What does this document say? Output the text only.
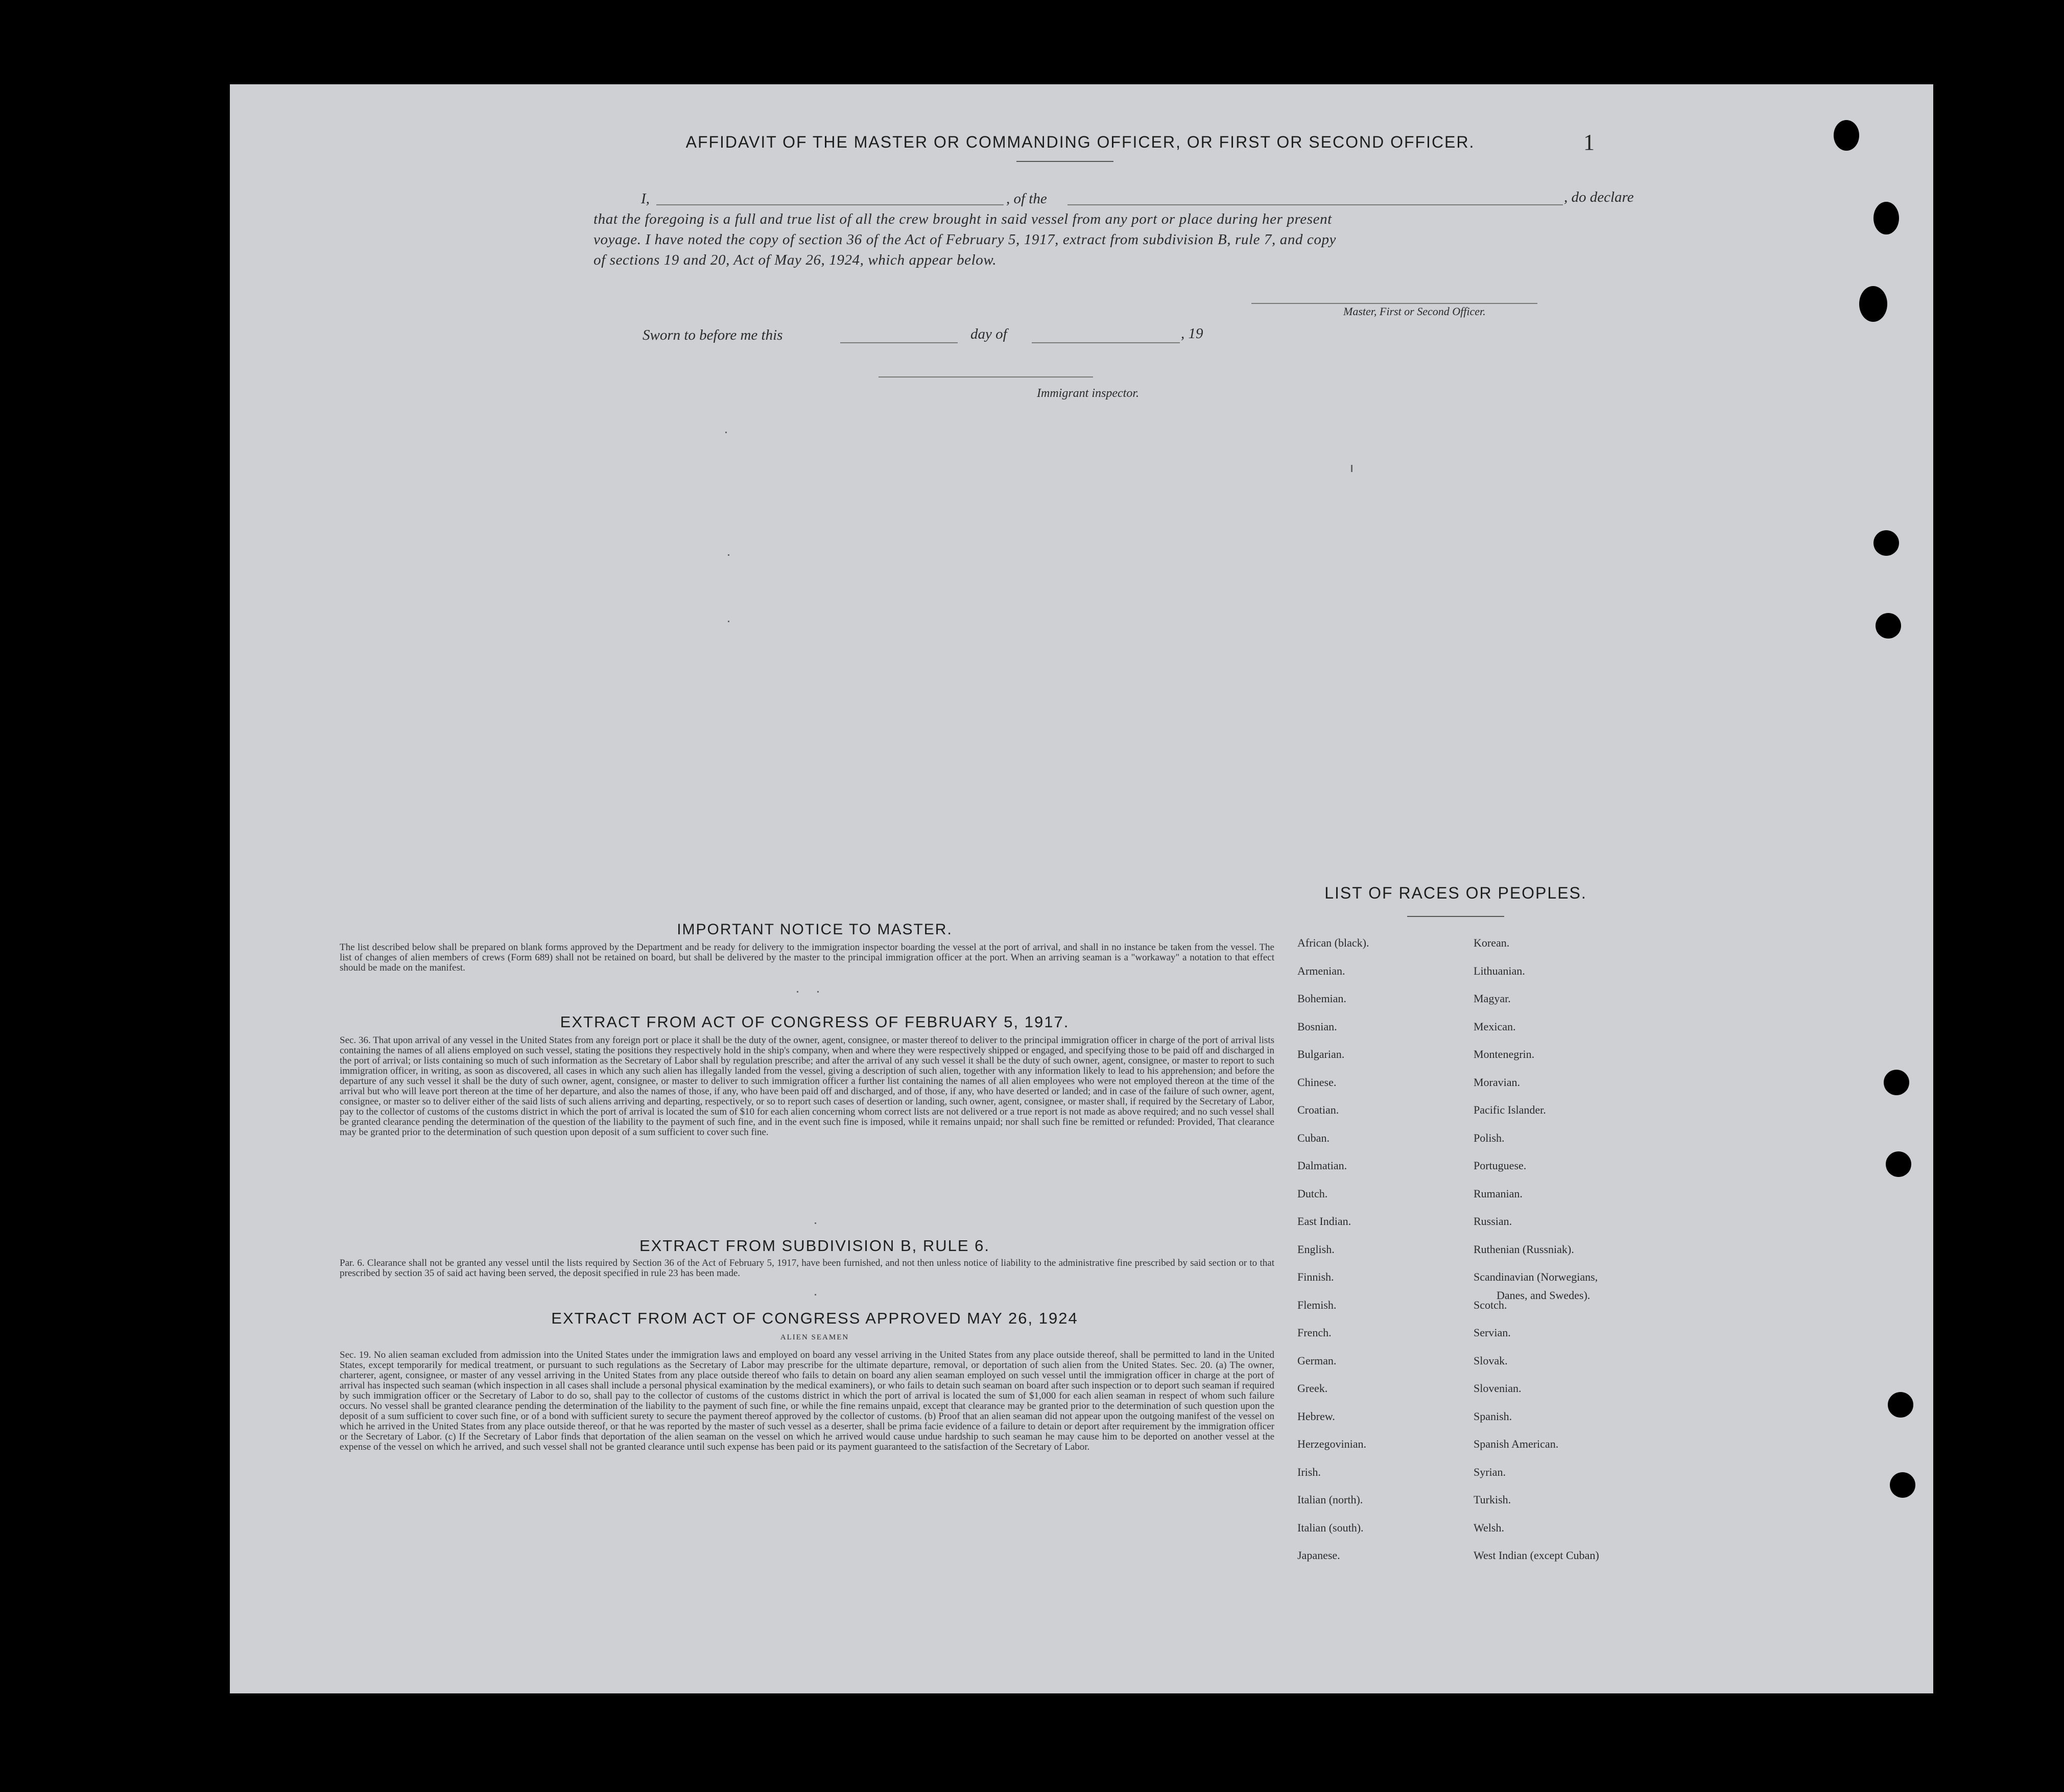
AFFIDAVIT OF THE MASTER OR COMMANDING OFFICER, OR FIRST OR SECOND OFFICER.	1
I,	, of the	, do declare
that the foregoing is a full and true list of all the crew brought in said vessel from any port or place during her present
voyage. I have noted the copy of section 36 of the Act of February 5, 1917, extract from subdivision B, rule 7, and copy
of sections 19 and 20, Act of May 26, 1924, which appear below.
Master, First or Second Officer.
Sworn to before me this	day of	, 19
Immigrant inspector.
IMPORTANT NOTICE TO MASTER.
The list described below shall be prepared on blank forms approved by the Department and be ready for delivery to the immigration inspector boarding the vessel at the port of arrival, and shall in no instance be taken from the vessel. The list of changes of alien members of crews (Form 689) shall not be retained on board, but shall be delivered by the master to the principal immigration officer at the port. When an arriving seaman is a "workaway" a notation to that effect should be made on the manifest.
EXTRACT FROM ACT OF CONGRESS OF FEBRUARY 5, 1917.
Sec. 36. That upon arrival of any vessel in the United States from any foreign port or place it shall be the duty of the owner, agent, consignee, or master thereof to deliver to the principal immigration officer in charge of the port of arrival lists containing the names of all aliens employed on such vessel, stating the positions they respectively hold in the ship's company, when and where they were respectively shipped or engaged, and specifying those to be paid off and discharged in the port of arrival; or lists containing so much of such information as the Secretary of Labor shall by regulation prescribe; and after the arrival of any such vessel it shall be the duty of such owner, agent, consignee, or master to report to such immigration officer, in writing, as soon as discovered, all cases in which any such alien has illegally landed from the vessel, giving a description of such alien, together with any information likely to lead to his apprehension; and before the departure of any such vessel it shall be the duty of such owner, agent, consignee, or master to deliver to such immigration officer a further list containing the names of all alien employees who were not employed thereon at the time of the arrival but who will leave port thereon at the time of her departure, and also the names of those, if any, who have been paid off and discharged, and of those, if any, who have deserted or landed; and in case of the failure of such owner, agent, consignee, or master so to deliver either of the said lists of such aliens arriving and departing, respectively, or so to report such cases of desertion or landing, such owner, agent, consignee, or master shall, if required by the Secretary of Labor, pay to the collector of customs of the customs district in which the port of arrival is located the sum of $10 for each alien concerning whom correct lists are not delivered or a true report is not made as above required; and no such vessel shall be granted clearance pending the determination of the question of the liability to the payment of such fine, and in the event such fine is imposed, while it remains unpaid; nor shall such fine be remitted or refunded: Provided, That clearance may be granted prior to the determination of such question upon deposit of a sum sufficient to cover such fine.
EXTRACT FROM SUBDIVISION B, RULE 6.
Par. 6. Clearance shall not be granted any vessel until the lists required by Section 36 of the Act of February 5, 1917, have been furnished, and not then unless notice of liability to the administrative fine prescribed by said section or to that prescribed by section 35 of said act having been served, the deposit specified in rule 23 has been made.
EXTRACT FROM ACT OF CONGRESS APPROVED MAY 26, 1924
ALIEN SEAMEN
Sec. 19. No alien seaman excluded from admission into the United States under the immigration laws and employed on board any vessel arriving in the United States from any place outside thereof, shall be permitted to land in the United States, except temporarily for medical treatment, or pursuant to such regulations as the Secretary of Labor may prescribe for the ultimate departure, removal, or deportation of such alien from the United States. Sec. 20. (a) The owner, charterer, agent, consignee, or master of any vessel arriving in the United States from any place outside thereof who fails to detain on board any alien seaman employed on such vessel until the immigration officer in charge at the port of arrival has inspected such seaman (which inspection in all cases shall include a personal physical examination by the medical examiners), or who fails to detain such seaman on board after such inspection or to deport such seaman if required by such immigration officer or the Secretary of Labor to do so, shall pay to the collector of customs of the customs district in which the port of arrival is located the sum of $1,000 for each alien seaman in respect of whom such failure occurs. No vessel shall be granted clearance pending the determination of the liability to the payment of such fine, or while the fine remains unpaid, except that clearance may be granted prior to the determination of such question upon the deposit of a sum sufficient to cover such fine, or of a bond with sufficient surety to secure the payment thereof approved by the collector of customs. (b) Proof that an alien seaman did not appear upon the outgoing manifest of the vessel on which he arrived in the United States from any place outside thereof, or that he was reported by the master of such vessel as a deserter, shall be prima facie evidence of a failure to detain or deport after requirement by the immigration officer or the Secretary of Labor. (c) If the Secretary of Labor finds that deportation of the alien seaman on the vessel on which he arrived would cause undue hardship to such seaman he may cause him to be deported on another vessel at the expense of the vessel on which he arrived, and such vessel shall not be granted clearance until such expense has been paid or its payment guaranteed to the satisfaction of the Secretary of Labor.
LIST OF RACES OR PEOPLES.
African (black).
Armenian.
Bohemian.
Bosnian.
Bulgarian.
Chinese.
Croatian.
Cuban.
Dalmatian.
Dutch.
East Indian.
English.
Finnish.
Flemish.
French.
German.
Greek.
Hebrew.
Herzegovinian.
Irish.
Italian (north).
Italian (south).
Japanese.
Korean.
Lithuanian.
Magyar.
Mexican.
Montenegrin.
Moravian.
Pacific Islander.
Polish.
Portuguese.
Rumanian.
Russian.
Ruthenian (Russniak).
Scandinavian (Norwegians,
Scotch.
Servian.
Slovak.
Slovenian.
Spanish.
Spanish American.
Syrian.
Turkish.
Welsh.
West Indian (except Cuban)
Danes, and Swedes).
